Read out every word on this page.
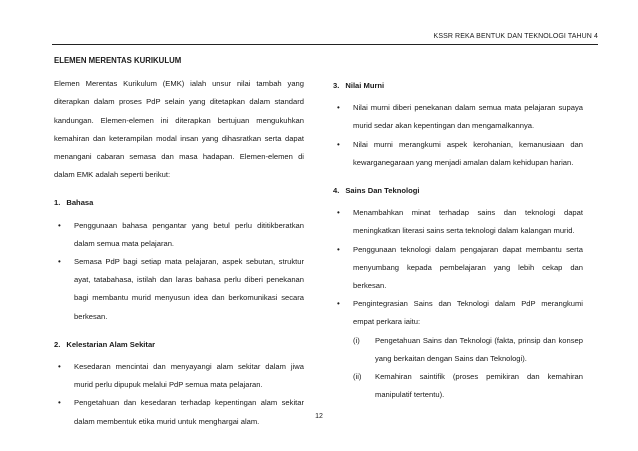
KSSR REKA BENTUK DAN TEKNOLOGI TAHUN 4

ELEMEN MERENTAS KURIKULUM

Elemen Merentas Kurikulum (EMK) ialah unsur nilai tambah yang diterapkan dalam proses PdP selain yang ditetapkan dalam standard kandungan. Elemen-elemen ini diterapkan bertujuan mengukuhkan kemahiran dan keterampilan modal insan yang dihasratkan serta dapat menangani cabaran semasa dan masa hadapan. Elemen-elemen di dalam EMK adalah seperti berikut:

1. Bahasa

• Penggunaan bahasa pengantar yang betul perlu dititikberatkan dalam semua mata pelajaran.
• Semasa PdP bagi setiap mata pelajaran, aspek sebutan, struktur ayat, tatabahasa, istilah dan laras bahasa perlu diberi penekanan bagi membantu murid menyusun idea dan berkomunikasi secara berkesan.

2. Kelestarian Alam Sekitar

• Kesedaran mencintai dan menyayangi alam sekitar dalam jiwa murid perlu dipupuk melalui PdP semua mata pelajaran.
• Pengetahuan dan kesedaran terhadap kepentingan alam sekitar dalam membentuk etika murid untuk menghargai alam.

3. Nilai Murni

• Nilai murni diberi penekanan dalam semua mata pelajaran supaya murid sedar akan kepentingan dan mengamalkannya.
• Nilai murni merangkumi aspek kerohanian, kemanusiaan dan kewarganegaraan yang menjadi amalan dalam kehidupan harian.

4. Sains Dan Teknologi

• Menambahkan minat terhadap sains dan teknologi dapat meningkatkan literasi sains serta teknologi dalam kalangan murid.
• Penggunaan teknologi dalam pengajaran dapat membantu serta menyumbang kepada pembelajaran yang lebih cekap dan berkesan.
• Pengintegrasian Sains dan Teknologi dalam PdP merangkumi empat perkara iaitu:
(i)	Pengetahuan Sains dan Teknologi (fakta, prinsip dan konsep yang berkaitan dengan Sains dan Teknologi).
(ii)	Kemahiran saintifik (proses pemikiran dan kemahiran manipulatif tertentu).
12
